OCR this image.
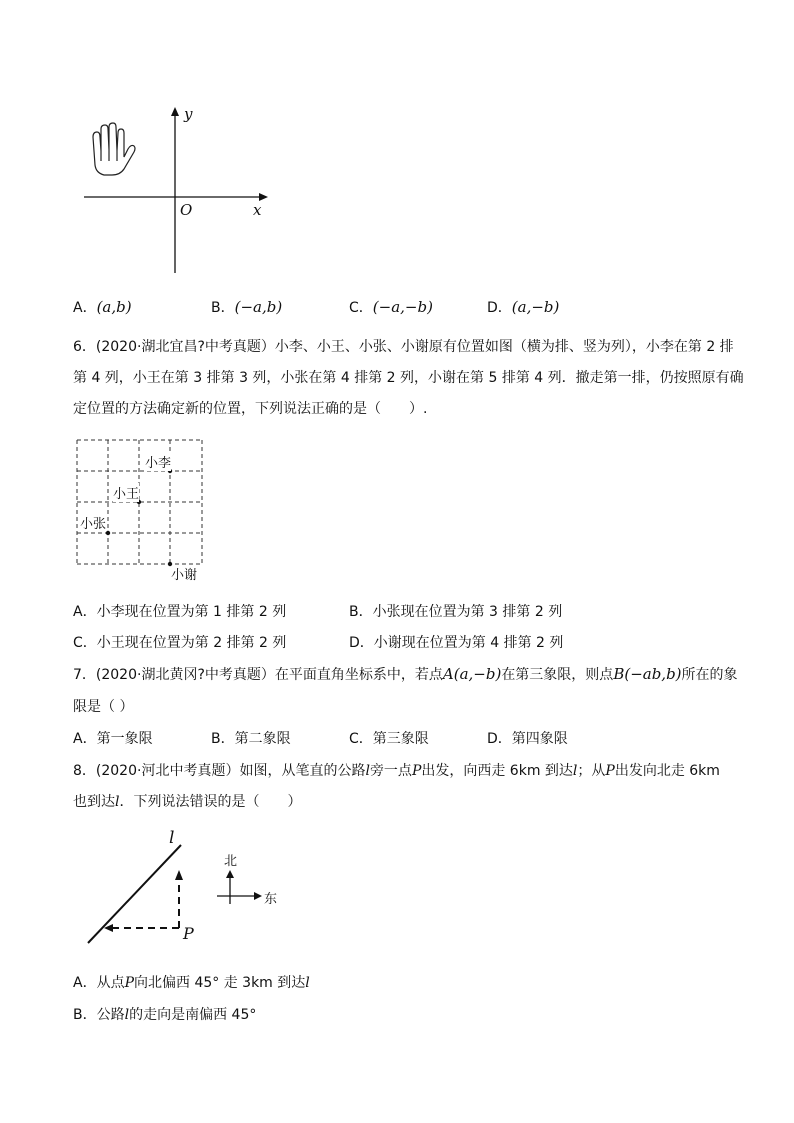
y
x
O
A．(a,b)	B．(−a,b)	C．(−a,−b)	D．(a,−b)
6．(2020·湖北宜昌?中考真题）小李、小王、小张、小谢原有位置如图（横为排、竖为列），小李在第 2 排
第 4 列，小王在第 3 排第 3 列，小张在第 4 排第 2 列，小谢在第 5 排第 4 列．撤走第一排，仍按照原有确
定位置的方法确定新的位置，下列说法正确的是（　　）.
小李
小王
小张
小谢
A．小李现在位置为第 1 排第 2 列	B．小张现在位置为第 3 排第 2 列
C．小王现在位置为第 2 排第 2 列	D．小谢现在位置为第 4 排第 2 列
7．(2020·湖北黄冈?中考真题）在平面直角坐标系中，若点A(a,−b)在第三象限，则点B(−ab,b)所在的象
限是（ ）
A．第一象限	B．第二象限	C．第三象限	D．第四象限
8．(2020·河北中考真题）如图，从笔直的公路l旁一点P出发，向西走 6km 到达l；从P出发向北走 6km
也到达l．下列说法错误的是（　　）
l
P
北
东
A．从点P向北偏西 45° 走 3km 到达l
B．公路l的走向是南偏西 45°
